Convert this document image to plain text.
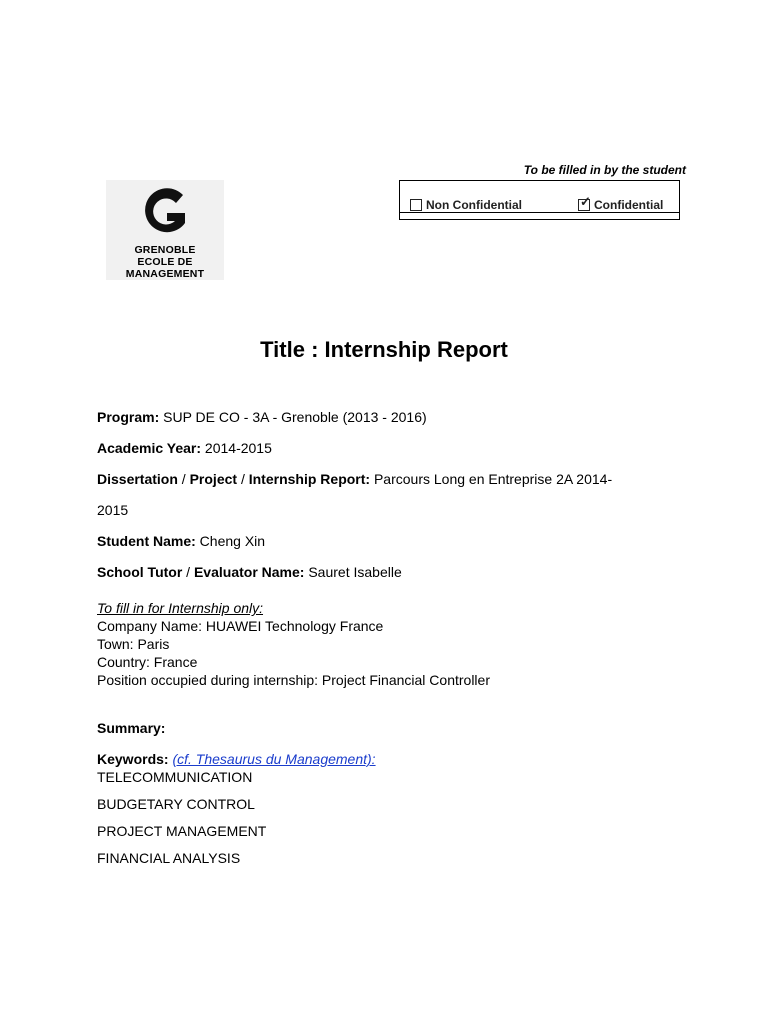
To be filled in by the student
Non Confidential	✓ Confidential
GRENOBLE
ECOLE DE
MANAGEMENT
Title : Internship Report
Program: SUP DE CO - 3A - Grenoble (2013 - 2016)
Academic Year: 2014-2015
Dissertation / Project / Internship Report: Parcours Long en Entreprise 2A 2014-
2015
Student Name: Cheng Xin
School Tutor / Evaluator Name: Sauret Isabelle
To fill in for Internship only:
Company Name: HUAWEI Technology France
Town: Paris
Country: France
Position occupied during internship: Project Financial Controller
Summary:
Keywords: (cf. Thesaurus du Management):
TELECOMMUNICATION
BUDGETARY CONTROL
PROJECT MANAGEMENT
FINANCIAL ANALYSIS
